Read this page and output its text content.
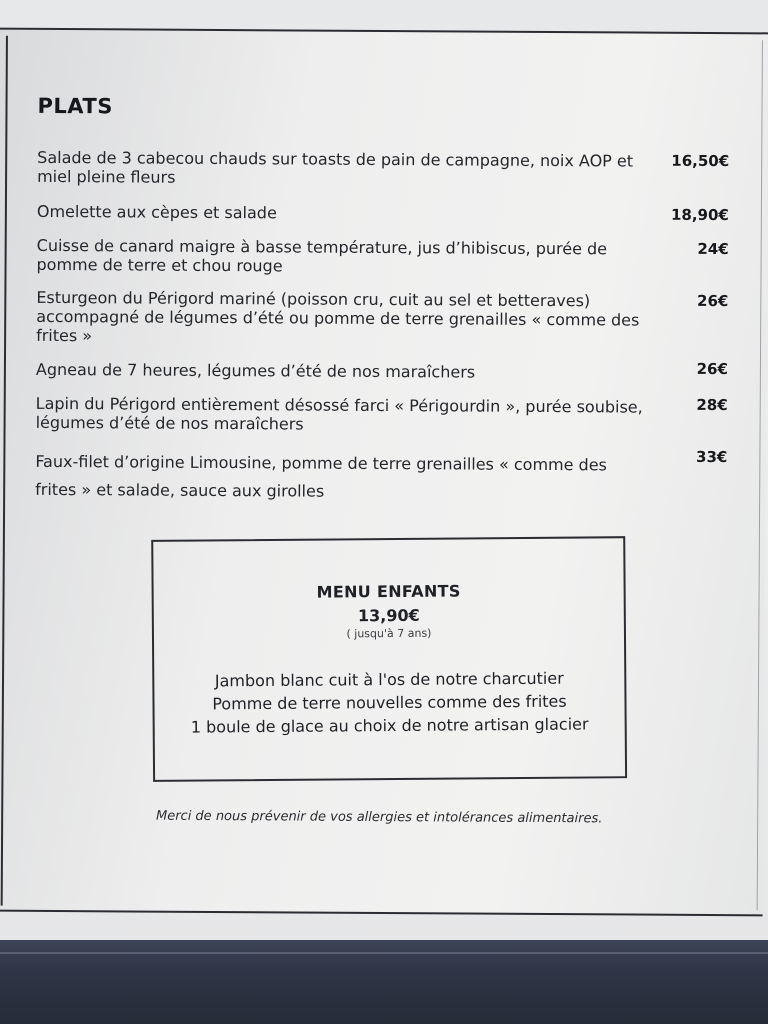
PLATS
Salade de 3 cabecou chauds sur toasts de pain de campagne, noix AOP et miel pleine fleurs
16,50€
Omelette aux cèpes et salade	18,90€
Cuisse de canard maigre à basse température, jus d’hibiscus, purée de pomme de terre et chou rouge
24€
Esturgeon du Périgord mariné (poisson cru, cuit au sel et betteraves) accompagné de légumes d’été ou pomme de terre grenailles « comme des frites »
26€
Agneau de 7 heures, légumes d’été de nos maraîchers	26€
Lapin du Périgord entièrement désossé farci « Périgourdin », purée soubise, légumes d’été de nos maraîchers
28€
Faux-filet d’origine Limousine, pomme de terre grenailles « comme des frites » et salade, sauce aux girolles
33€
MENU ENFANTS
13,90€
( jusqu'à 7 ans)
Jambon blanc cuit à l'os de notre charcutier
Pomme de terre nouvelles comme des frites
1 boule de glace au choix de notre artisan glacier
Merci de nous prévenir de vos allergies et intolérances alimentaires.
